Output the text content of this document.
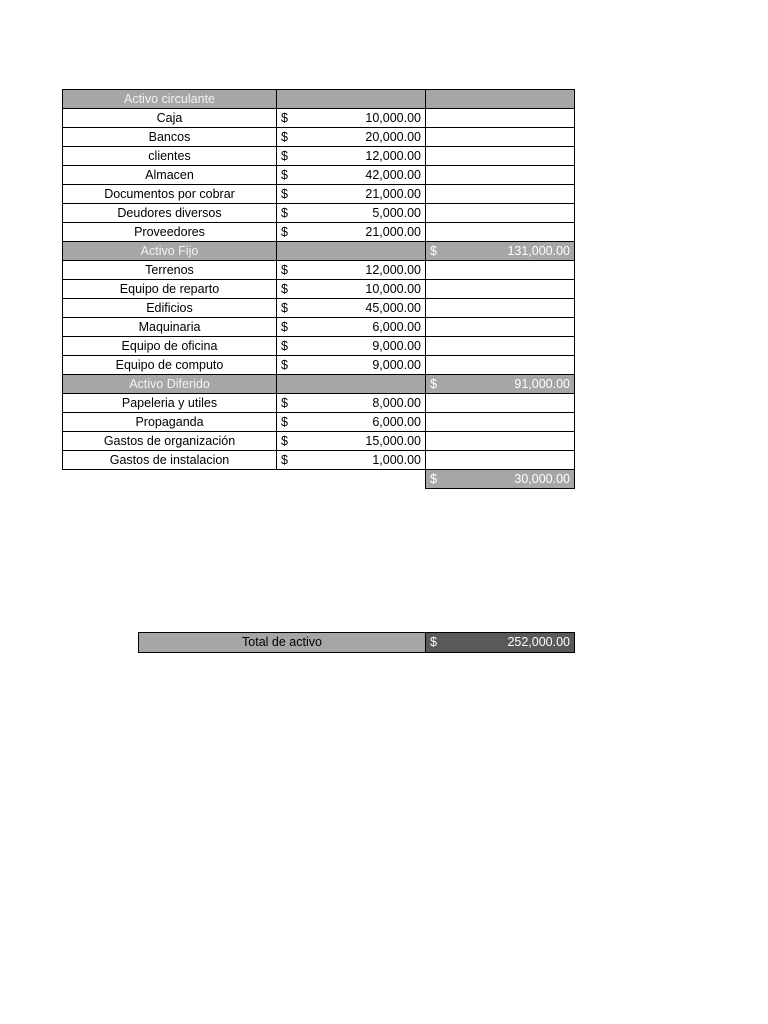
Activo circulante		
Caja	$ 10,000.00	

Bancos	$ 20,000.00	

clientes	$ 12,000.00	

Almacen	$ 42,000.00	

Documentos por cobrar	$ 21,000.00	

Deudores diversos	$ 5,000.00	

Proveedores	$ 21,000.00	

Activo Fijo		$ 131,000.00

Terrenos	$ 12,000.00	

Equipo de reparto	$ 10,000.00	

Edificios	$ 45,000.00	

Maquinaria	$ 6,000.00	

Equipo de oficina	$ 9,000.00	

Equipo de computo	$ 9,000.00	

Activo Diferido		$ 91,000.00

Papeleria y utiles	$ 8,000.00	

Propaganda	$ 6,000.00	

Gastos de organización	$ 15,000.00	

Gastos de instalacion	$ 1,000.00	

		$ 30,000.00
Total de activo	$	252,000.00
